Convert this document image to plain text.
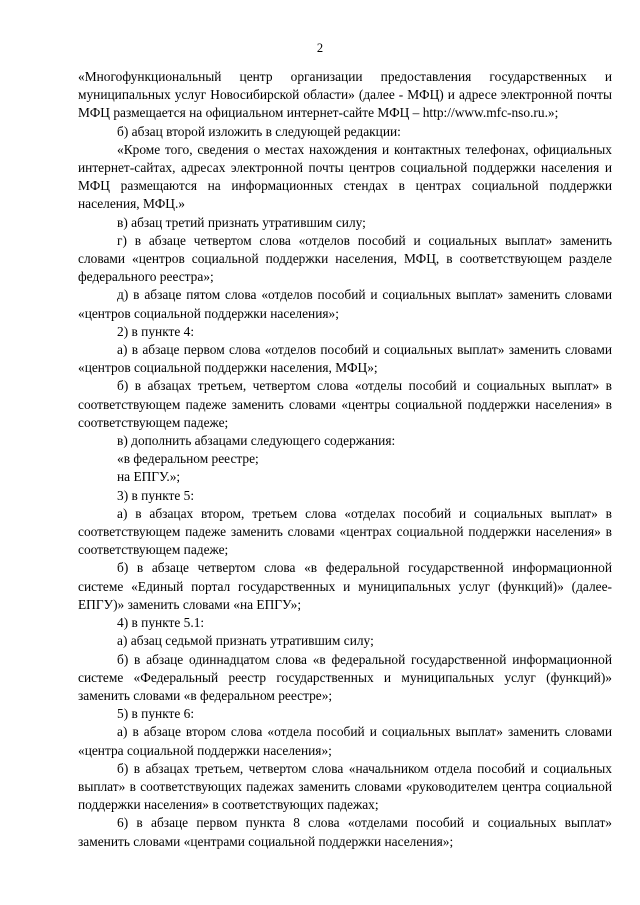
2

«Многофункциональный центр организации предоставления государственных и муниципальных услуг Новосибирской области» (далее - МФЦ) и адресе электронной почты МФЦ размещается на официальном интернет-сайте МФЦ – http://www.mfc-nso.ru.»;

б) абзац второй изложить в следующей редакции:

«Кроме того, сведения о местах нахождения и контактных телефонах, официальных интернет-сайтах, адресах электронной почты центров социальной поддержки населения и МФЦ размещаются на информационных стендах в центрах социальной поддержки населения, МФЦ.»

в) абзац третий признать утратившим силу;

г) в абзаце четвертом слова «отделов пособий и социальных выплат» заменить словами «центров социальной поддержки населения, МФЦ, в соответствующем разделе федерального реестра»;

д) в абзаце пятом слова «отделов пособий и социальных выплат» заменить словами «центров социальной поддержки населения»;

2) в пункте 4:

а) в абзаце первом слова «отделов пособий и социальных выплат» заменить словами «центров социальной поддержки населения, МФЦ»;

б) в абзацах третьем, четвертом слова «отделы пособий и социальных выплат» в соответствующем падеже заменить словами «центры социальной поддержки населения» в соответствующем падеже;

в) дополнить абзацами следующего содержания:

«в федеральном реестре;

на ЕПГУ.»;

3) в пункте 5:

а) в абзацах втором, третьем слова «отделах пособий и социальных выплат» в соответствующем падеже заменить словами «центрах социальной поддержки населения» в соответствующем падеже;

б) в абзаце четвертом слова «в федеральной государственной информационной системе «Единый портал государственных и муниципальных услуг (функций)» (далее-ЕПГУ)» заменить словами «на ЕПГУ»;

4) в пункте 5.1:

а) абзац седьмой признать утратившим силу;

б) в абзаце одиннадцатом слова «в федеральной государственной информационной системе «Федеральный реестр государственных и муниципальных услуг (функций)» заменить словами «в федеральном реестре»;

5) в пункте 6:

а) в абзаце втором слова «отдела пособий и социальных выплат» заменить словами «центра социальной поддержки населения»;

б) в абзацах третьем, четвертом слова «начальником отдела пособий и социальных выплат» в соответствующих падежах заменить словами «руководителем центра социальной поддержки населения» в соответствующих падежах;

6) в абзаце первом пункта 8 слова «отделами пособий и социальных выплат» заменить словами «центрами социальной поддержки населения»;
